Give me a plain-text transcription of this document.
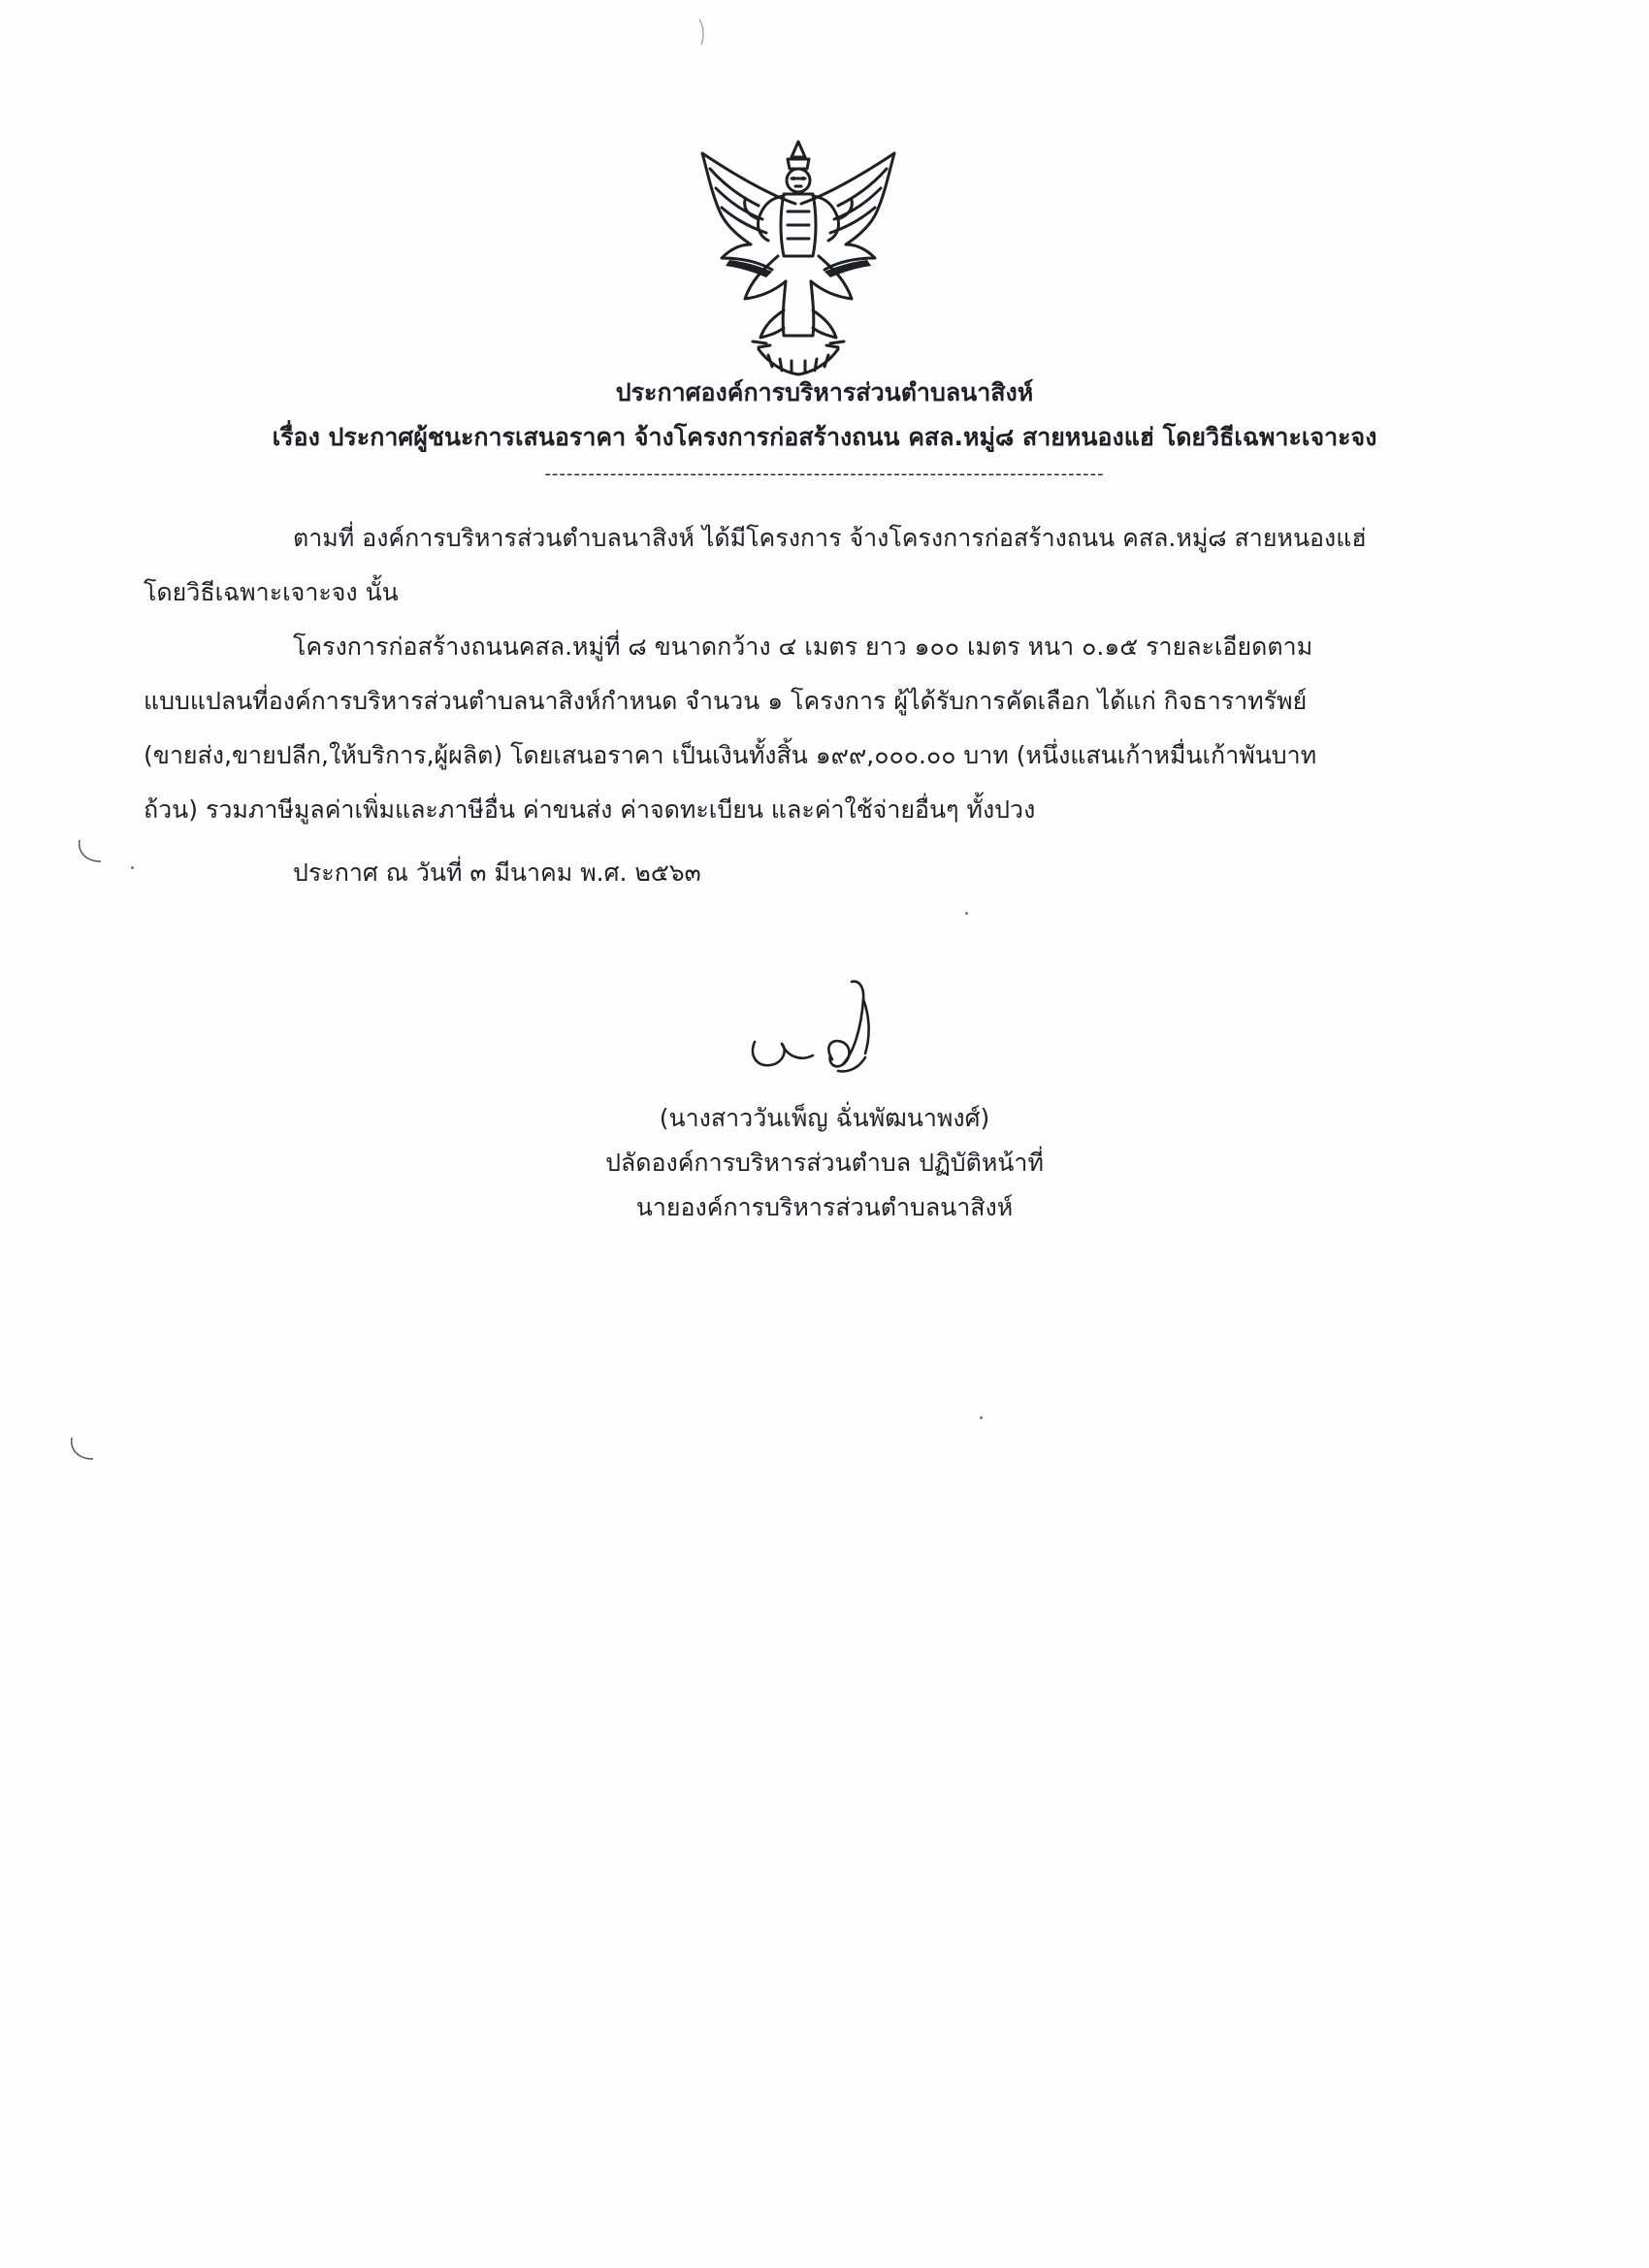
ประกาศองค์การบริหารส่วนตำบลนาสิงห์
เรื่อง ประกาศผู้ชนะการเสนอราคา จ้างโครงการก่อสร้างถนน คสล.หมู่๘ สายหนองแฮ่ โดยวิธีเฉพาะเจาะจง
-----------------------------------------------------------------------------
ตามที่ องค์การบริหารส่วนตำบลนาสิงห์ ได้มีโครงการ จ้างโครงการก่อสร้างถนน คสล.หมู่๘ สายหนองแฮ่
โดยวิธีเฉพาะเจาะจง นั้น
โครงการก่อสร้างถนนคสล.หมู่ที่ ๘ ขนาดกว้าง ๔ เมตร ยาว ๑๐๐ เมตร หนา ๐.๑๕ รายละเอียดตาม
แบบแปลนที่องค์การบริหารส่วนตำบลนาสิงห์กำหนด จำนวน ๑ โครงการ ผู้ได้รับการคัดเลือก ได้แก่ กิจธาราทรัพย์
(ขายส่ง,ขายปลีก,ให้บริการ,ผู้ผลิต) โดยเสนอราคา เป็นเงินทั้งสิ้น ๑๙๙,๐๐๐.๐๐ บาท (หนึ่งแสนเก้าหมื่นเก้าพันบาท
ถ้วน) รวมภาษีมูลค่าเพิ่มและภาษีอื่น ค่าขนส่ง ค่าจดทะเบียน และค่าใช้จ่ายอื่นๆ ทั้งปวง
ประกาศ ณ วันที่ ๓ มีนาคม พ.ศ. ๒๕๖๓
(นางสาววันเพ็ญ ฉั่นพัฒนาพงศ์)
ปลัดองค์การบริหารส่วนตำบล ปฏิบัติหน้าที่
นายองค์การบริหารส่วนตำบลนาสิงห์
